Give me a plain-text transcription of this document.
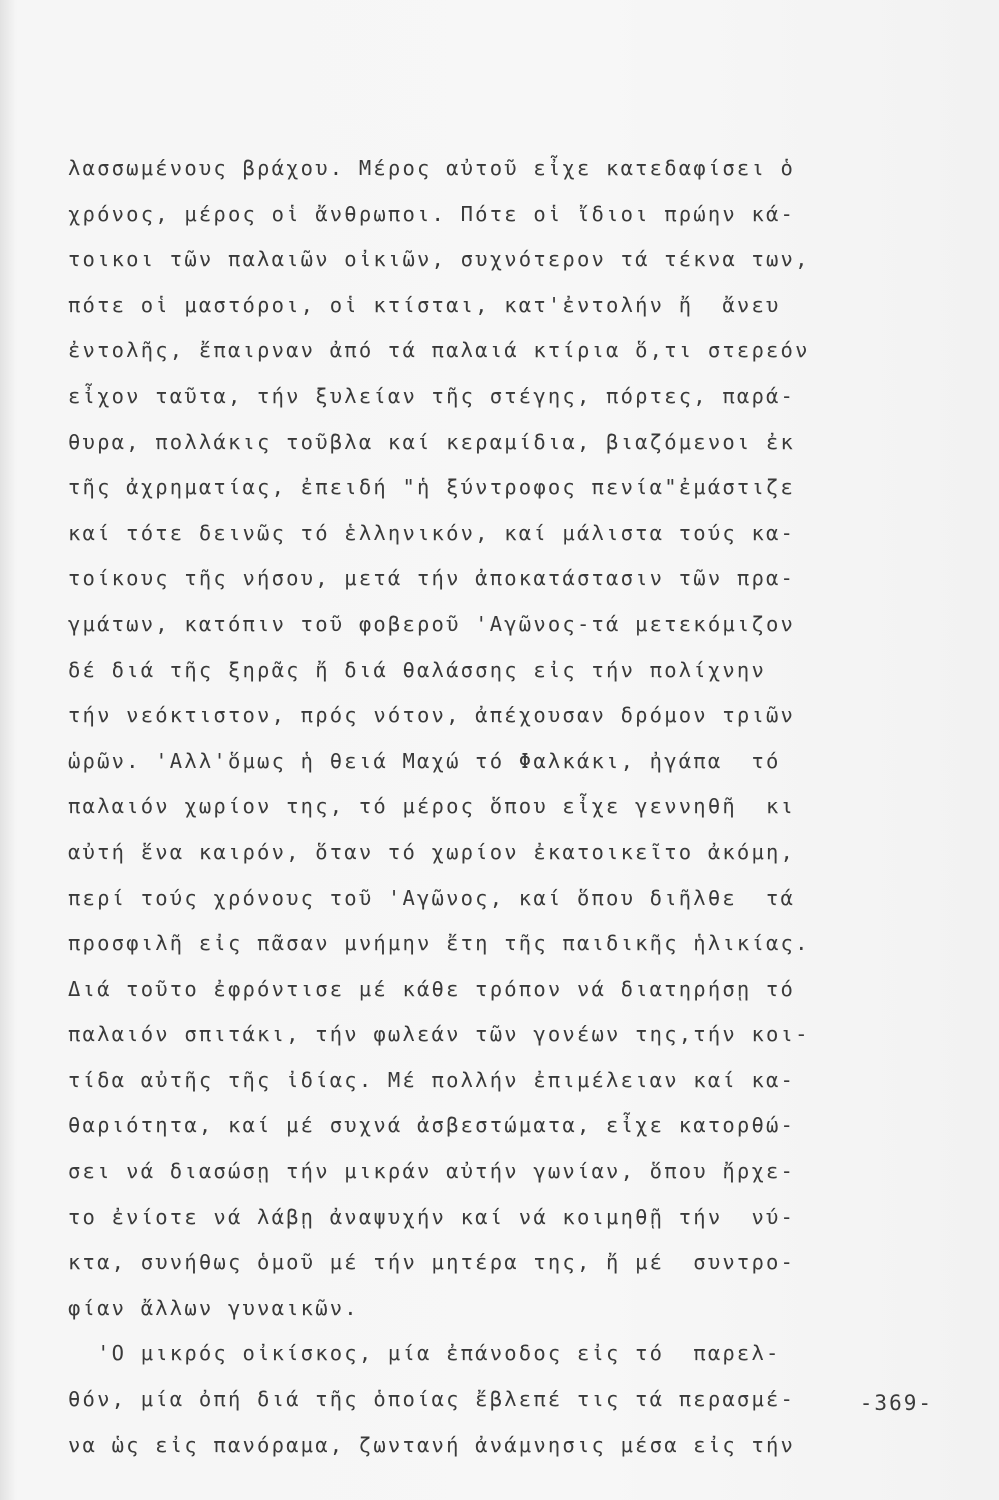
λασσωμένους βράχου. Μέρος αὐτοῦ εἶχε κατεδαφίσει ὁ
χρόνος, μέρος οἱ ἄνθρωποι. Πότε οἱ ἴδιοι πρώην κά-
τοικοι τῶν παλαιῶν οἰκιῶν, συχνότερον τά τέκνα των,
πότε οἱ μαστόροι, οἱ κτίσται, κατ'ἐντολήν ἤ  ἄνευ
ἐντολῆς, ἔπαιρναν ἀπό τά παλαιά κτίρια ὅ,τι στερεόν
εἶχον ταῦτα, τήν ξυλείαν τῆς στέγης, πόρτες, παρά-
θυρα, πολλάκις τοῦβλα καί κεραμίδια, βιαζόμενοι ἐκ
τῆς ἀχρηματίας, ἐπειδή "ἡ ξύντροφος πενία"ἐμάστιζε
καί τότε δεινῶς τό ἑλληνικόν, καί μάλιστα τούς κα-
τοίκους τῆς νήσου, μετά τήν ἀποκατάστασιν τῶν πρα-
γμάτων, κατόπιν τοῦ φοβεροῦ 'Αγῶνος-τά μετεκόμιζον
δέ διά τῆς ξηρᾶς ἤ διά θαλάσσης εἰς τήν πολίχνην
τήν νεόκτιστον, πρός νότον, ἀπέχουσαν δρόμον τριῶν
ὡρῶν. 'Αλλ'ὅμως ἡ θειά Μαχώ τό Φαλκάκι, ἠγάπα  τό
παλαιόν χωρίον της, τό μέρος ὅπου εἶχε γεννηθῆ  κι
αὐτή ἕνα καιρόν, ὅταν τό χωρίον ἐκατοικεῖτο ἀκόμη,
περί τούς χρόνους τοῦ 'Αγῶνος, καί ὅπου διῆλθε  τά
προσφιλῆ εἰς πᾶσαν μνήμην ἔτη τῆς παιδικῆς ἡλικίας.
Διά τοῦτο ἐφρόντισε μέ κάθε τρόπον νά διατηρήσῃ τό
παλαιόν σπιτάκι, τήν φωλεάν τῶν γονέων της,τήν κοι-
τίδα αὐτῆς τῆς ἰδίας. Μέ πολλήν ἐπιμέλειαν καί κα-
θαριότητα, καί μέ συχνά ἀσβεστώματα, εἶχε κατορθώ-
σει νά διασώσῃ τήν μικράν αὐτήν γωνίαν, ὅπου ἤρχε-
το ἐνίοτε νά λάβῃ ἀναψυχήν καί νά κοιμηθῇ τήν  νύ-
κτα, συνήθως ὁμοῦ μέ τήν μητέρα της, ἤ μέ  συντρο-
φίαν ἄλλων γυναικῶν.
'Ο μικρός οἰκίσκος, μία ἐπάνοδος εἰς τό  παρελ-
θόν, μία ὀπή διά τῆς ὁποίας ἔβλεπέ τις τά περασμέ-
να ὡς εἰς πανόραμα, ζωντανή ἀνάμνησις μέσα εἰς τήν
-369-
